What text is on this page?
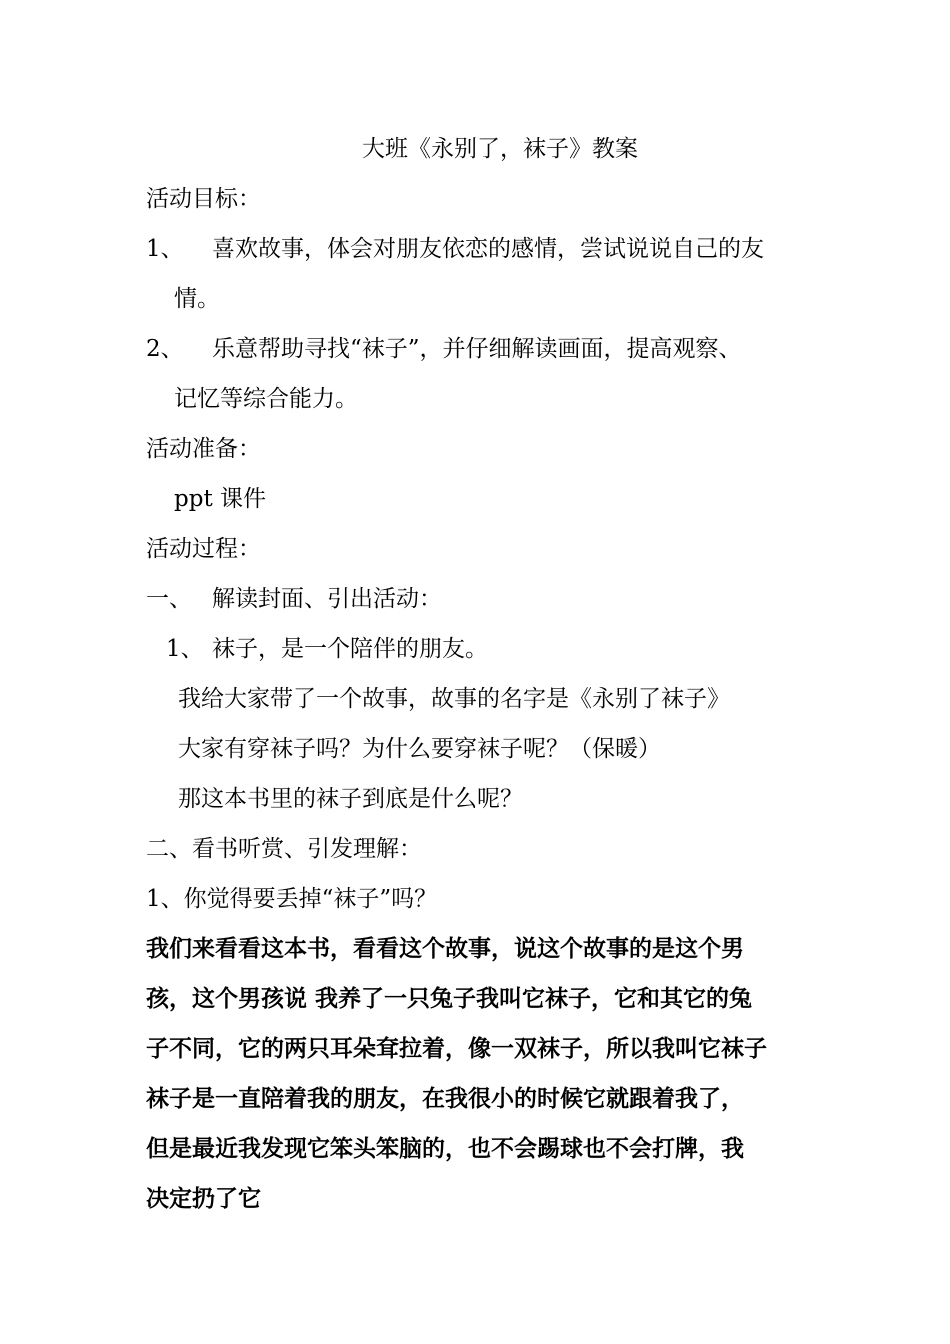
大班《永别了，袜子》教案
活动目标：
1、 喜欢故事，体会对朋友依恋的感情，尝试说说自己的友
情。
2、 乐意帮助寻找“袜子”，并仔细解读画面，提高观察、
记忆等综合能力。
活动准备：
ppt 课件
活动过程：
一、 解读封面、引出活动：
1、 袜子，是一个陪伴的朋友。
我给大家带了一个故事，故事的名字是《永别了袜子》
大家有穿袜子吗？为什么要穿袜子呢？（保暖）
那这本书里的袜子到底是什么呢？
二、看书听赏、引发理解：
1、你觉得要丢掉“袜子”吗？
我们来看看这本书，看看这个故事，说这个故事的是这个男
孩，这个男孩说 我养了一只兔子我叫它袜子，它和其它的兔
子不同，它的两只耳朵耷拉着，像一双袜子，所以我叫它袜子
袜子是一直陪着我的朋友，在我很小的时候它就跟着我了，
但是最近我发现它笨头笨脑的，也不会踢球也不会打牌，我
决定扔了它
